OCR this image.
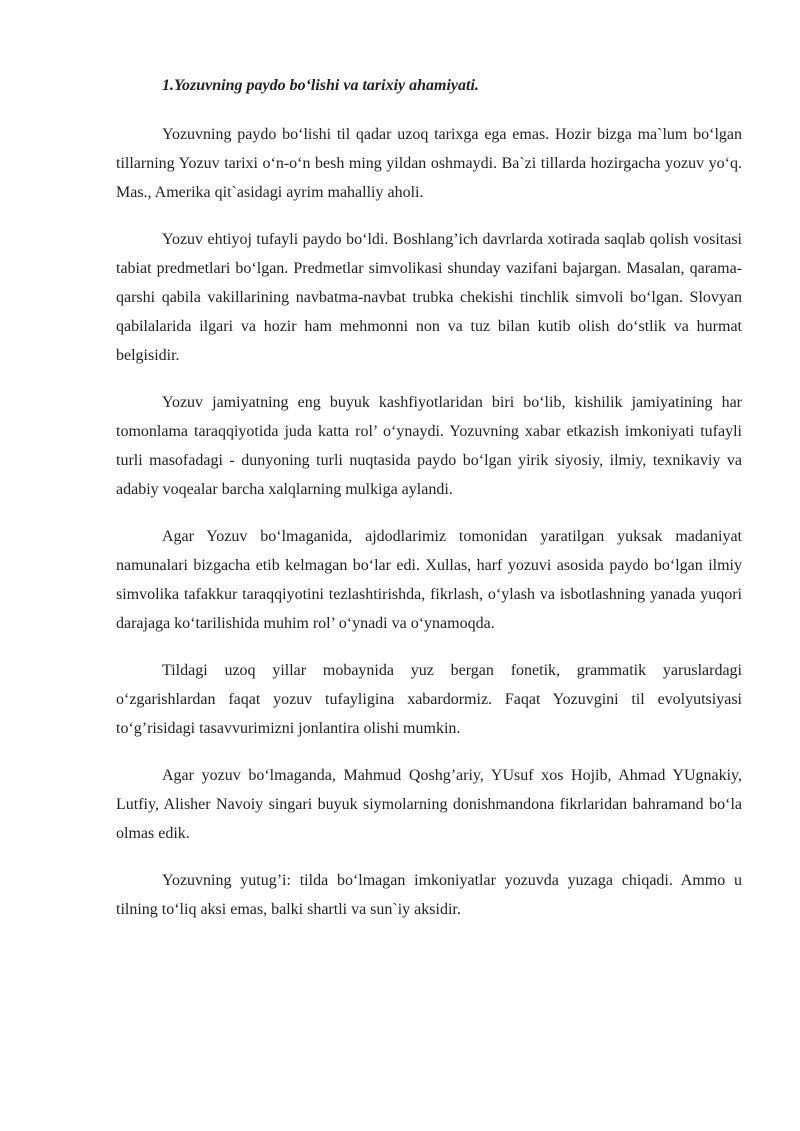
1.Yozuvning paydo bo‘lishi va tarixiy ahamiyati.

Yozuvning paydo bo‘lishi til qadar uzoq tarixga ega emas. Hozir bizga ma`lum bo‘lgan tillarning Yozuv tarixi o‘n-o‘n besh ming yildan oshmaydi. Ba`zi tillarda hozirgacha yozuv yo‘q. Mas., Amerika qit`asidagi ayrim mahalliy aholi.

Yozuv ehtiyoj tufayli paydo bo‘ldi. Boshlang’ich davrlarda xotirada saqlab qolish vositasi tabiat predmetlari bo‘lgan. Predmetlar simvolikasi shunday vazifani bajargan. Masalan, qarama-qarshi qabila vakillarining navbatma-navbat trubka chekishi tinchlik simvoli bo‘lgan. Slovyan qabilalarida ilgari va hozir ham mehmonni non va tuz bilan kutib olish do‘stlik va hurmat belgisidir.

Yozuv jamiyatning eng buyuk kashfiyotlaridan biri bo‘lib, kishilik jamiyatining har tomonlama taraqqiyotida juda katta rol’ o‘ynaydi. Yozuvning xabar etkazish imkoniyati tufayli turli masofadagi - dunyoning turli nuqtasida paydo bo‘lgan yirik siyosiy, ilmiy, texnikaviy va adabiy voqealar barcha xalqlarning mulkiga aylandi.

Agar Yozuv bo‘lmaganida, ajdodlarimiz tomonidan yaratilgan yuksak madaniyat namunalari bizgacha etib kelmagan bo‘lar edi. Xullas, harf yozuvi asosida paydo bo‘lgan ilmiy simvolika tafakkur taraqqiyotini tezlashtirishda, fikrlash, o‘ylash va isbotlashning yanada yuqori darajaga ko‘tarilishida muhim rol’ o‘ynadi va o‘ynamoqda.

Tildagi uzoq yillar mobaynida yuz bergan fonetik, grammatik yaruslardagi o‘zgarishlardan faqat yozuv tufayligina xabardormiz. Faqat Yozuvgini til evolyutsiyasi to‘g’risidagi tasavvurimizni jonlantira olishi mumkin.

Agar yozuv bo‘lmaganda, Mahmud Qoshg’ariy, YUsuf xos Hojib, Ahmad YUgnakiy, Lutfiy, Alisher Navoiy singari buyuk siymolarning donishmandona fikrlaridan bahramand bo‘la olmas edik.

Yozuvning yutug’i: tilda bo‘lmagan imkoniyatlar yozuvda yuzaga chiqadi. Ammo u tilning to‘liq aksi emas, balki shartli va sun`iy aksidir.
